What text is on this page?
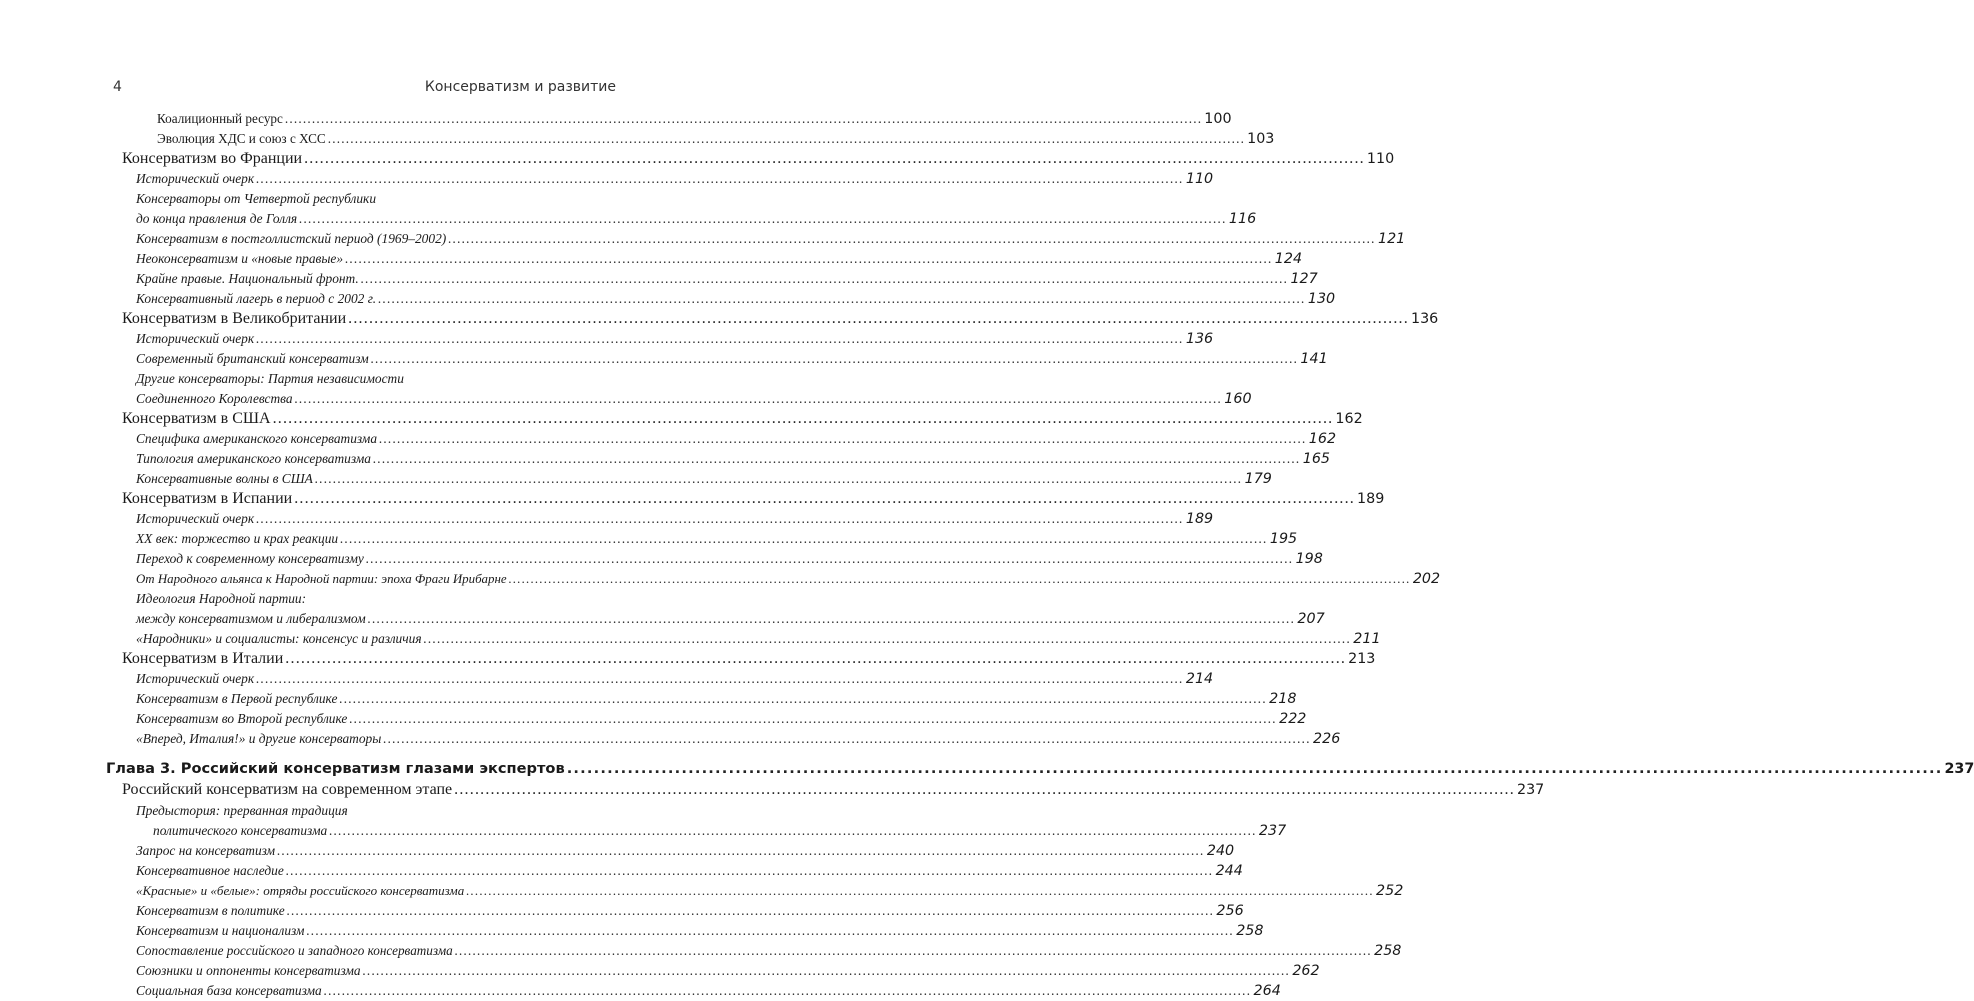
4	Консерватизм и развитие
Коалиционный ресурс .....	100
Эволюция ХДС и союз с ХСС .....	103
Консерватизм во Франции .....	110
Исторический очерк .....	110
Консерваторы от Четвертой республики
до конца правления де Голля .....	116
Консерватизм в постголлистский период (1969–2002) .....	121
Неоконсерватизм и «новые правые» .....	124
Крайне правые. Национальный фронт. .....	127
Консервативный лагерь в период с 2002 г. .....	130
Консерватизм в Великобритании .....	136
Исторический очерк .....	136
Современный британский консерватизм .....	141
Другие консерваторы: Партия независимости
Соединенного Королевства .....	160
Консерватизм в США .....	162
Специфика американского консерватизма .....	162
Типология американского консерватизма .....	165
Консервативные волны в США .....	179
Консерватизм в Испании .....	189
Исторический очерк .....	189
XX век: торжество и крах реакции .....	195
Переход к современному консерватизму .....	198
От Народного альянса к Народной партии: эпоха Фраги Ирибарне .....	202
Идеология Народной партии:
между консерватизмом и либерализмом .....	207
«Народники» и социалисты: консенсус и различия .....	211
Консерватизм в Италии .....	213
Исторический очерк .....	214
Консерватизм в Первой республике .....	218
Консерватизм во Второй республике .....	222
«Вперед, Италия!» и другие консерваторы .....	226
Глава 3. Российский консерватизм глазами экспертов .....	237
Российский консерватизм на современном этапе .....	237
Предыстория: прерванная традиция
политического консерватизма .....	237
Запрос на консерватизм .....	240
Консервативное наследие .....	244
«Красные» и «белые»: отряды российского консерватизма .....	252
Консерватизм в политике .....	256
Консерватизм и национализм .....	258
Сопоставление российского и западного консерватизма .....	258
Союзники и оппоненты консерватизма .....	262
Социальная база консерватизма .....	264
